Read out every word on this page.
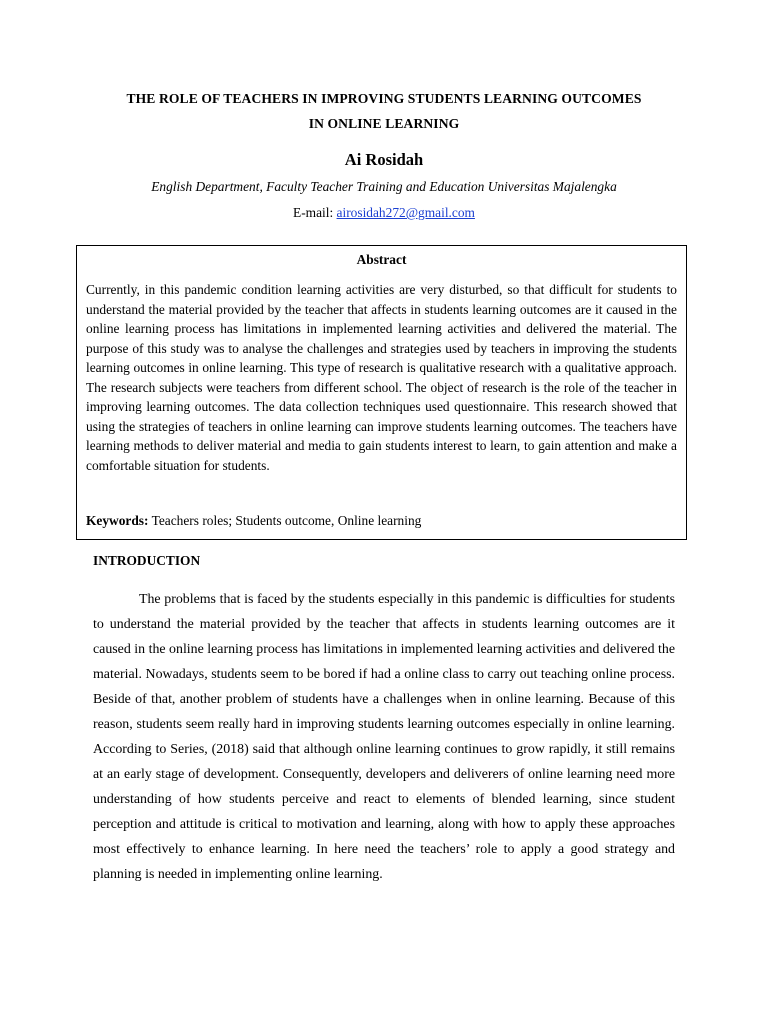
THE ROLE OF TEACHERS IN IMPROVING STUDENTS LEARNING OUTCOMES
IN ONLINE LEARNING
Ai Rosidah
English Department, Faculty Teacher Training and Education Universitas Majalengka
E-mail: airosidah272@gmail.com
Abstract
Currently, in this pandemic condition learning activities are very disturbed, so that difficult for students to understand the material provided by the teacher that affects in students learning outcomes are it caused in the online learning process has limitations in implemented learning activities and delivered the material. The purpose of this study was to analyse the challenges and strategies used by teachers in improving the students learning outcomes in online learning. This type of research is qualitative research with a qualitative approach. The research subjects were teachers from different school. The object of research is the role of the teacher in improving learning outcomes. The data collection techniques used questionnaire. This research showed that using the strategies of teachers in online learning can improve students learning outcomes. The teachers have learning methods to deliver material and media to gain students interest to learn, to gain attention and make a comfortable situation for students.
Keywords: Teachers roles; Students outcome, Online learning
INTRODUCTION
The problems that is faced by the students especially in this pandemic is difficulties for students to understand the material provided by the teacher that affects in students learning outcomes are it caused in the online learning process has limitations in implemented learning activities and delivered the material. Nowadays, students seem to be bored if had a online class to carry out teaching online process. Beside of that, another problem of students have a challenges when in online learning. Because of this reason, students seem really hard in improving students learning outcomes especially in online learning. According to Series, (2018) said that although online learning continues to grow rapidly, it still remains at an early stage of development. Consequently, developers and deliverers of online learning need more understanding of how students perceive and react to elements of blended learning, since student perception and attitude is critical to motivation and learning, along with how to apply these approaches most effectively to enhance learning. In here need the teachers’ role to apply a good strategy and planning is needed in implementing online learning.
